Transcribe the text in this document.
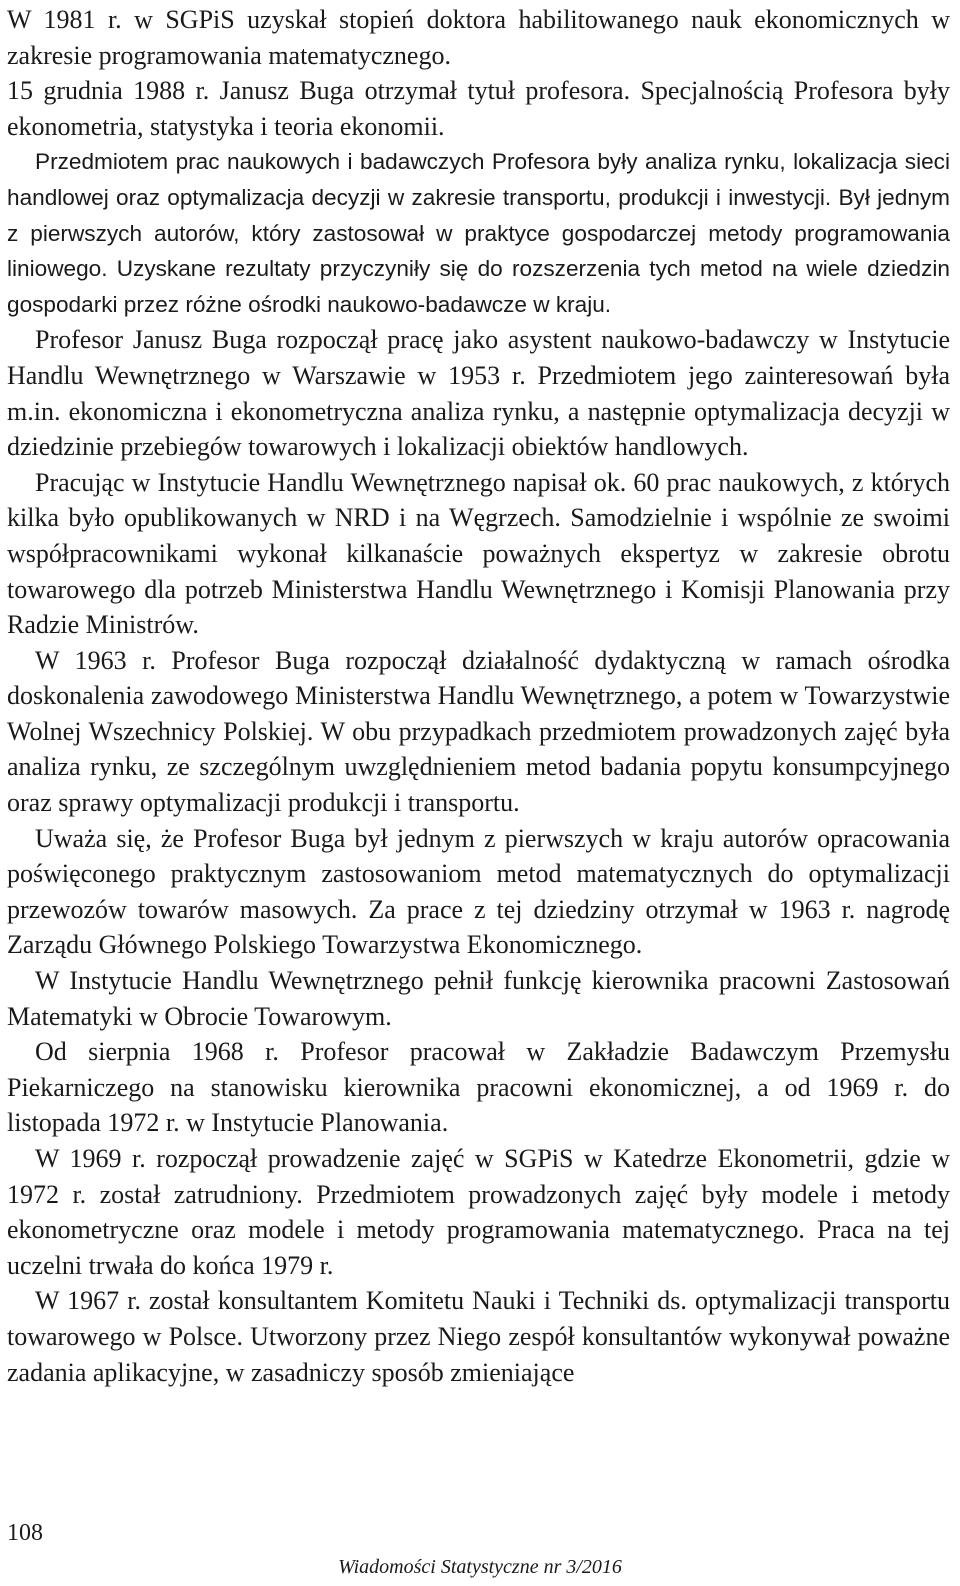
W 1981 r. w SGPiS uzyskał stopień doktora habilitowanego nauk ekonomicznych w zakresie programowania matematycznego.

15 grudnia 1988 r. Janusz Buga otrzymał tytuł profesora. Specjalnością Profesora były ekonometria, statystyka i teoria ekonomii.

Przedmiotem prac naukowych i badawczych Profesora były analiza rynku, lokalizacja sieci handlowej oraz optymalizacja decyzji w zakresie transportu, produkcji i inwestycji. Był jednym z pierwszych autorów, który zastosował w praktyce gospodarczej metody programowania liniowego. Uzyskane rezultaty przyczyniły się do rozszerzenia tych metod na wiele dziedzin gospodarki przez różne ośrodki naukowo-badawcze w kraju.

Profesor Janusz Buga rozpoczął pracę jako asystent naukowo-badawczy w Instytucie Handlu Wewnętrznego w Warszawie w 1953 r. Przedmiotem jego zainteresowań była m.in. ekonomiczna i ekonometryczna analiza rynku, a następnie optymalizacja decyzji w dziedzinie przebiegów towarowych i lokalizacji obiektów handlowych.

Pracując w Instytucie Handlu Wewnętrznego napisał ok. 60 prac naukowych, z których kilka było opublikowanych w NRD i na Węgrzech. Samodzielnie i wspólnie ze swoimi współpracownikami wykonał kilkanaście poważnych ekspertyz w zakresie obrotu towarowego dla potrzeb Ministerstwa Handlu Wewnętrznego i Komisji Planowania przy Radzie Ministrów.

W 1963 r. Profesor Buga rozpoczął działalność dydaktyczną w ramach ośrodka doskonalenia zawodowego Ministerstwa Handlu Wewnętrznego, a potem w Towarzystwie Wolnej Wszechnicy Polskiej. W obu przypadkach przedmiotem prowadzonych zajęć była analiza rynku, ze szczególnym uwzględnieniem metod badania popytu konsumpcyjnego oraz sprawy optymalizacji produkcji i transportu.

Uważa się, że Profesor Buga był jednym z pierwszych w kraju autorów opracowania poświęconego praktycznym zastosowaniom metod matematycznych do optymalizacji przewozów towarów masowych. Za prace z tej dziedziny otrzymał w 1963 r. nagrodę Zarządu Głównego Polskiego Towarzystwa Ekonomicznego.

W Instytucie Handlu Wewnętrznego pełnił funkcję kierownika pracowni Zastosowań Matematyki w Obrocie Towarowym.

Od sierpnia 1968 r. Profesor pracował w Zakładzie Badawczym Przemysłu Piekarniczego na stanowisku kierownika pracowni ekonomicznej, a od 1969 r. do listopada 1972 r. w Instytucie Planowania.

W 1969 r. rozpoczął prowadzenie zajęć w SGPiS w Katedrze Ekonometrii, gdzie w 1972 r. został zatrudniony. Przedmiotem prowadzonych zajęć były modele i metody ekonometryczne oraz modele i metody programowania matematycznego. Praca na tej uczelni trwała do końca 1979 r.

W 1967 r. został konsultantem Komitetu Nauki i Techniki ds. optymalizacji transportu towarowego w Polsce. Utworzony przez Niego zespół konsultantów wykonywał poważne zadania aplikacyjne, w zasadniczy sposób zmieniające

108
Wiadomości Statystyczne nr 3/2016
